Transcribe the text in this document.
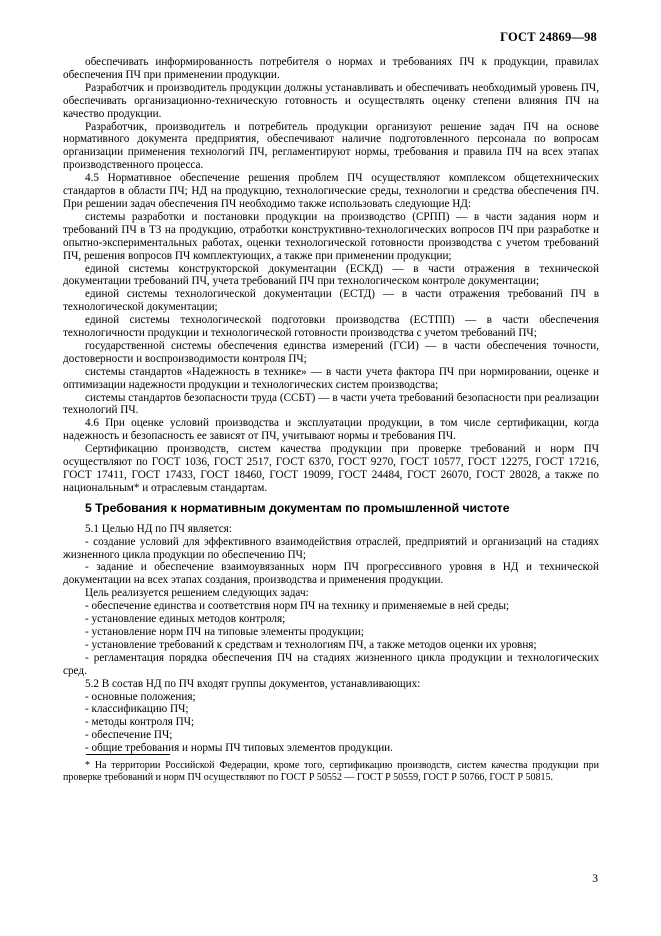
ГОСТ 24869—98

обеспечивать информированность потребителя о нормах и требованиях ПЧ к продукции, правилах обеспечения ПЧ при применении продукции.

Разработчик и производитель продукции должны устанавливать и обеспечивать необходимый уровень ПЧ, обеспечивать организационно-техническую готовность и осуществлять оценку степени влияния ПЧ на качество продукции.

Разработчик, производитель и потребитель продукции организуют решение задач ПЧ на основе нормативного документа предприятия, обеспечивают наличие подготовленного персонала по вопросам организации применения технологий ПЧ, регламентируют нормы, требования и правила ПЧ на всех этапах производственного процесса.

4.5 Нормативное обеспечение решения проблем ПЧ осуществляют комплексом общетехнических стандартов в области ПЧ; НД на продукцию, технологические среды, технологии и средства обеспечения ПЧ. При решении задач обеспечения ПЧ необходимо также использовать следующие НД:

системы разработки и постановки продукции на производство (СРПП) — в части задания норм и требований ПЧ в ТЗ на продукцию, отработки конструктивно-технологических вопросов ПЧ при разработке и опытно-экспериментальных работах, оценки технологической готовности производства с учетом требований ПЧ, решения вопросов ПЧ комплектующих, а также при применении продукции;

единой системы конструкторской документации (ЕСКД) — в части отражения в технической документации требований ПЧ, учета требований ПЧ при технологическом контроле документации;

единой системы технологической документации (ЕСТД) — в части отражения требований ПЧ в технологической документации;

единой системы технологической подготовки производства (ЕСТПП) — в части обеспечения технологичности продукции и технологической готовности производства с учетом требований ПЧ;

государственной системы обеспечения единства измерений (ГСИ) — в части обеспечения точности, достоверности и воспроизводимости контроля ПЧ;

системы стандартов «Надежность в технике» — в части учета фактора ПЧ при нормировании, оценке и оптимизации надежности продукции и технологических систем производства;

системы стандартов безопасности труда (ССБТ) — в части учета требований безопасности при реализации технологий ПЧ.

4.6 При оценке условий производства и эксплуатации продукции, в том числе сертификации, когда надежность и безопасность ее зависят от ПЧ, учитывают нормы и требования ПЧ.

Сертификацию производств, систем качества продукции при проверке требований и норм ПЧ осуществляют по ГОСТ 1036, ГОСТ 2517, ГОСТ 6370, ГОСТ 9270, ГОСТ 10577, ГОСТ 12275, ГОСТ 17216, ГОСТ 17411, ГОСТ 17433, ГОСТ 18460, ГОСТ 19099, ГОСТ 24484, ГОСТ 26070, ГОСТ 28028, а также по национальным* и отраслевым стандартам.

5 Требования к нормативным документам по промышленной чистоте

5.1 Целью НД по ПЧ является:

- создание условий для эффективного взаимодействия отраслей, предприятий и организаций на стадиях жизненного цикла продукции по обеспечению ПЧ;

- задание и обеспечение взаимоувязанных норм ПЧ прогрессивного уровня в НД и технической документации на всех этапах создания, производства и применения продукции.

Цель реализуется решением следующих задач:

- обеспечение единства и соответствия норм ПЧ на технику и применяемые в ней среды;

- установление единых методов контроля;

- установление норм ПЧ на типовые элементы продукции;

- установление требований к средствам и технологиям ПЧ, а также методов оценки их уровня;

- регламентация порядка обеспечения ПЧ на стадиях жизненного цикла продукции и технологических сред.

5.2 В состав НД по ПЧ входят группы документов, устанавливающих:

- основные положения;

- классификацию ПЧ;

- методы контроля ПЧ;

- обеспечение ПЧ;

- общие требования и нормы ПЧ типовых элементов продукции.

* На территории Российской Федерации, кроме того, сертификацию производств, систем качества продукции при проверке требований и норм ПЧ осуществляют по ГОСТ Р 50552 — ГОСТ Р 50559, ГОСТ Р 50766, ГОСТ Р 50815.

3
